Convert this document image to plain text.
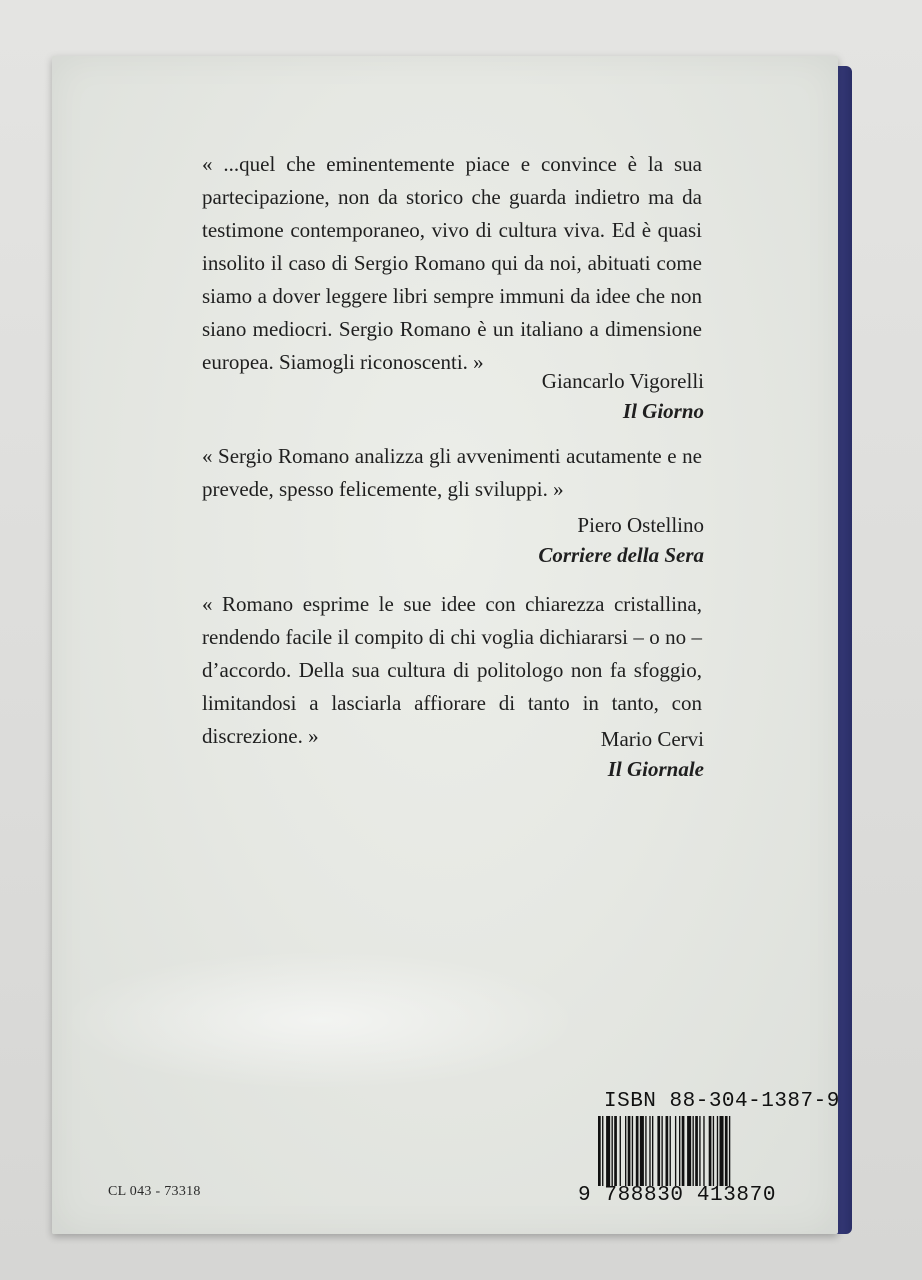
« ...quel che eminentemente piace e convince è la sua partecipazione, non da storico che guarda indietro ma da testimone contemporaneo, vivo di cultura viva. Ed è quasi insolito il caso di Sergio Romano qui da noi, abituati come siamo a dover leggere libri sempre immuni da idee che non siano mediocri. Sergio Romano è un italiano a dimensione europea. Siamogli riconoscenti. »
Giancarlo Vigorelli
Il Giorno
« Sergio Romano analizza gli avvenimenti acutamente e ne prevede, spesso felicemente, gli sviluppi. »
Piero Ostellino
Corriere della Sera
« Romano esprime le sue idee con chiarezza cristallina, rendendo facile il compito di chi voglia dichiararsi – o no – d’accordo. Della sua cultura di politologo non fa sfoggio, limitandosi a lasciarla affiorare di tanto in tanto, con discrezione. »	Mario Cervi
Il Giornale
CL 043 - 73318
ISBN 88-304-1387-9
9 788830 413870
